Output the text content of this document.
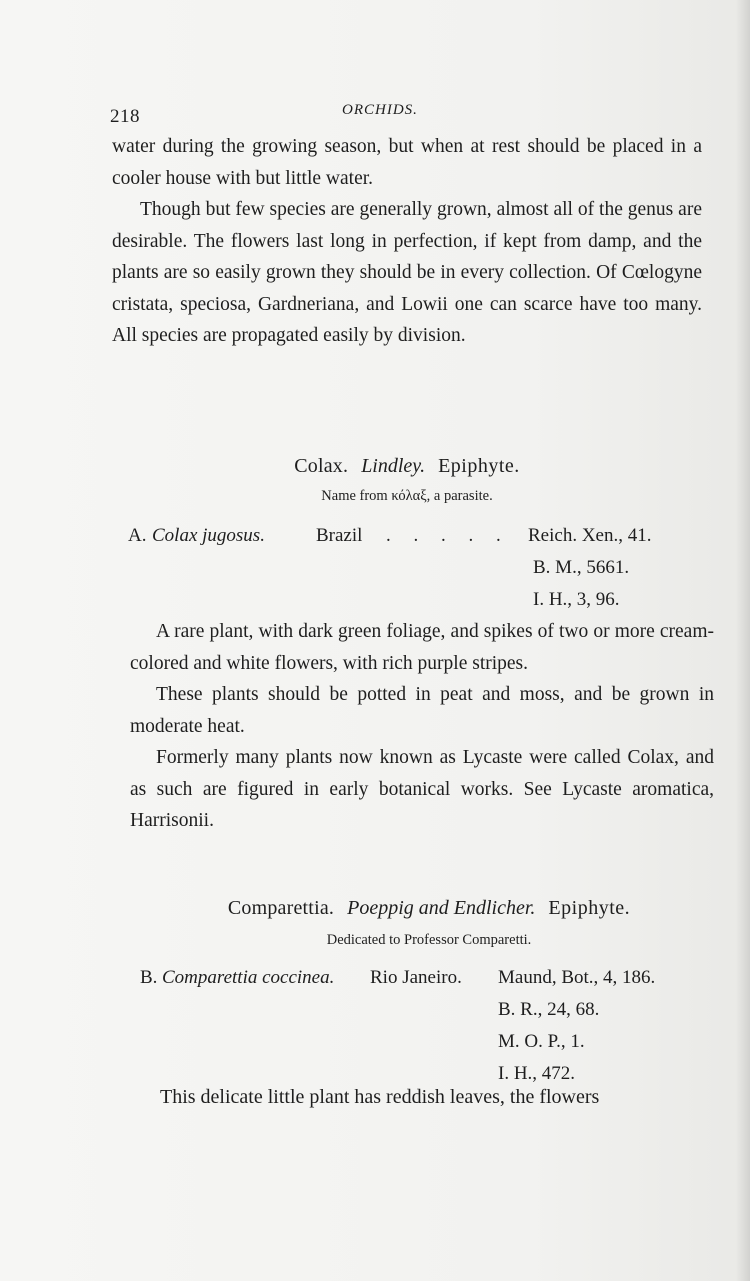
218	ORCHIDS.
water during the growing season, but when at rest should be placed in a cooler house with but little water.
Though but few species are generally grown, almost all of the genus are desirable. The flowers last long in perfection, if kept from damp, and the plants are so easily grown they should be in every collection. Of Cœlogyne cristata, speciosa, Gardneriana, and Lowii one can scarce have too many. All species are propagated easily by division.
Colax. Lindley. Epiphyte.
Name from κόλαξ, a parasite.
A. Colax jugosus.	Brazil . . . . . Reich. Xen., 41.
B. M., 5661.
I. H., 3, 96.
A rare plant, with dark green foliage, and spikes of two or more cream-colored and white flowers, with rich purple stripes.
These plants should be potted in peat and moss, and be grown in moderate heat.
Formerly many plants now known as Lycaste were called Colax, and as such are figured in early botanical works. See Lycaste aromatica, Harrisonii.
Comparettia. Poeppig and Endlicher. Epiphyte.
Dedicated to Professor Comparetti.
B. Comparettia coccinea. Rio Janeiro. Maund, Bot., 4, 186.
B. R., 24, 68.
M. O. P., 1.
I. H., 472.
This delicate little plant has reddish leaves, the flowers
